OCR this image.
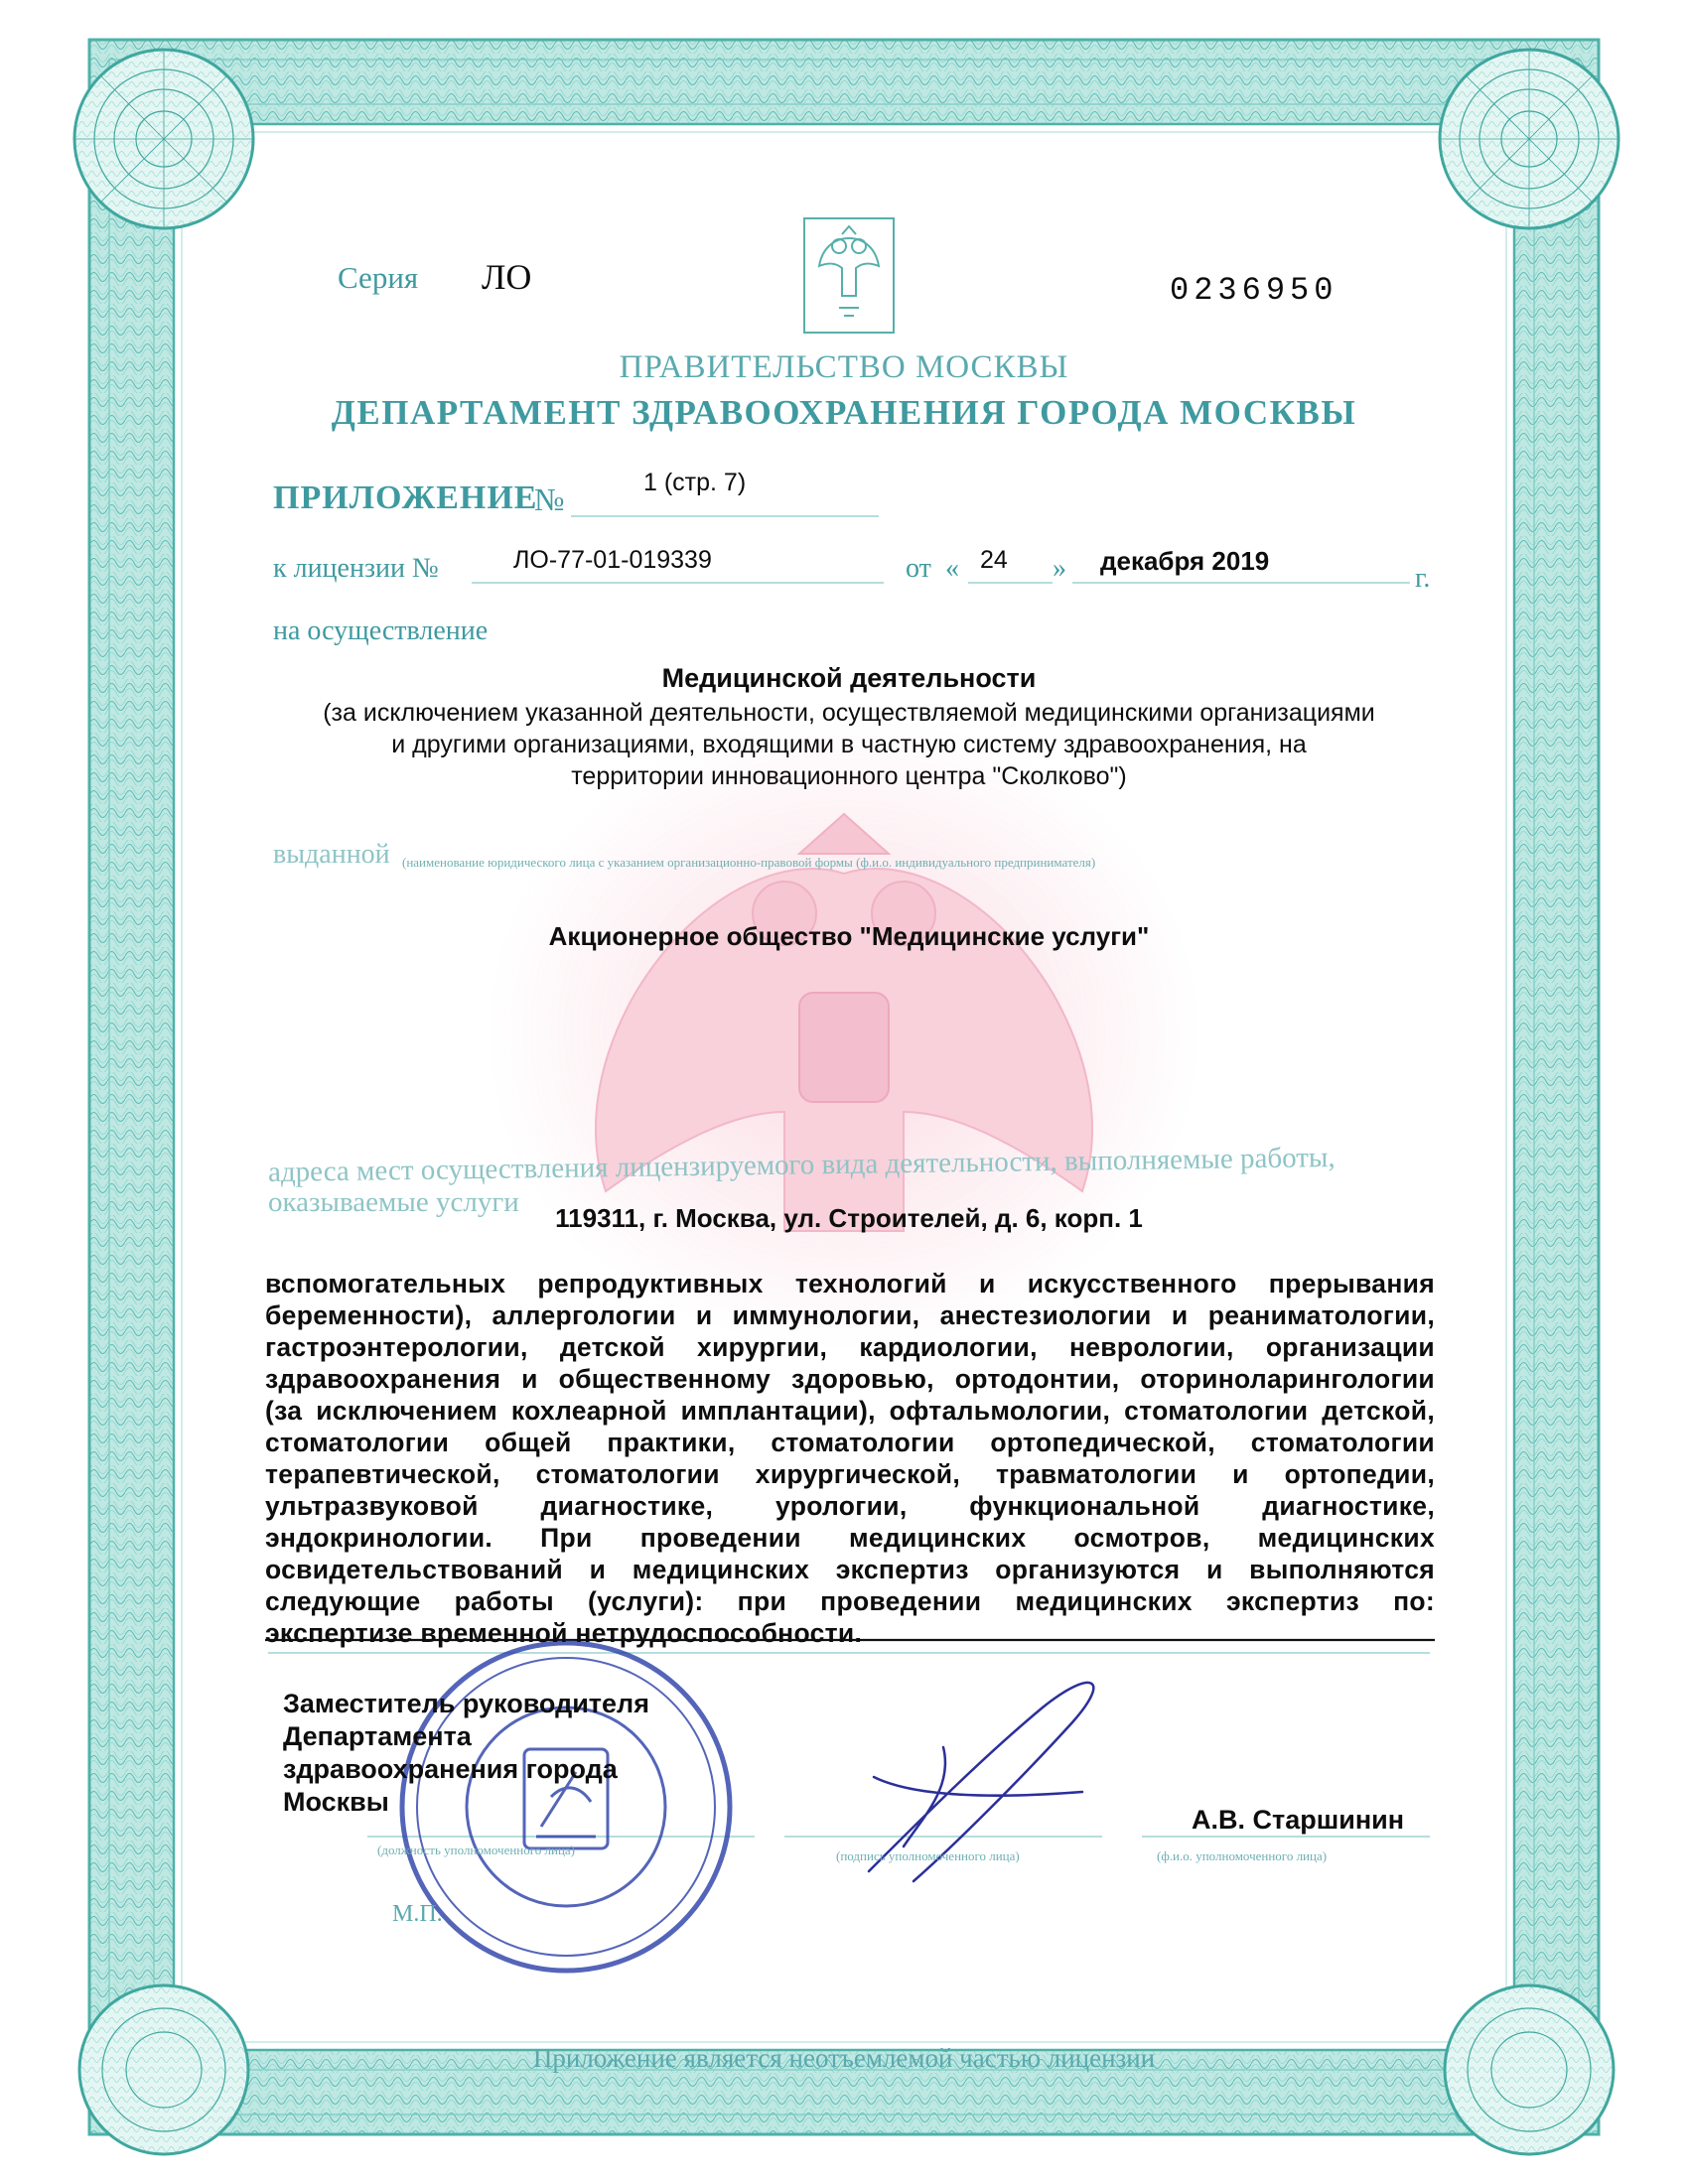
Серия ЛО	0236950
ПРАВИТЕЛЬСТВО МОСКВЫ
ДЕПАРТАМЕНТ ЗДРАВООХРАНЕНИЯ ГОРОДА МОСКВЫ
ПРИЛОЖЕНИЕ
№	1 (стр. 7)
к лицензии №	ЛО-77-01-019339	от « 24 » декабря 2019
г.
на осуществление
Медицинской деятельности
(за исключением указанной деятельности, осуществляемой медицинскими организациями
и другими организациями, входящими в частную систему здравоохранения, на
территории инновационного центра "Сколково")
выданной (наименование юридического лица с указанием организационно-правовой формы (ф.и.о. индивидуального предпринимателя)
Акционерное общество "Медицинские услуги"
адреса мест осуществления лицензируемого вида деятельности, выполняемые работы,
оказываемые услуги	119311, г. Москва, ул. Строителей, д. 6, корп. 1
вспомогательных репродуктивных технологий и искусственного прерывания
беременности), аллергологии и иммунологии, анестезиологии и реаниматологии,
гастроэнтерологии, детской хирургии, кардиологии, неврологии, организации
здравоохранения и общественному здоровью, ортодонтии, оториноларингологии
(за исключением кохлеарной имплантации), офтальмологии, стоматологии детской,
стоматологии общей практики, стоматологии ортопедической, стоматологии
терапевтической, стоматологии хирургической, травматологии и ортопедии,
ультразвуковой диагностике, урологии, функциональной диагностике,
эндокринологии. При проведении медицинских осмотров, медицинских
освидетельствований и медицинских экспертиз организуются и выполняются
следующие работы (услуги): при проведении медицинских экспертиз по:
экспертизе временной нетрудоспособности.
Заместитель руководителя
Департамента
здравоохранения города
Москвы
(должность уполномоченного лица)	(подпись уполномоченного лица)	(ф.и.о. уполномоченного лица)
А.В. Старшинин
М.П.
Приложение является неотъемлемой частью лицензии
